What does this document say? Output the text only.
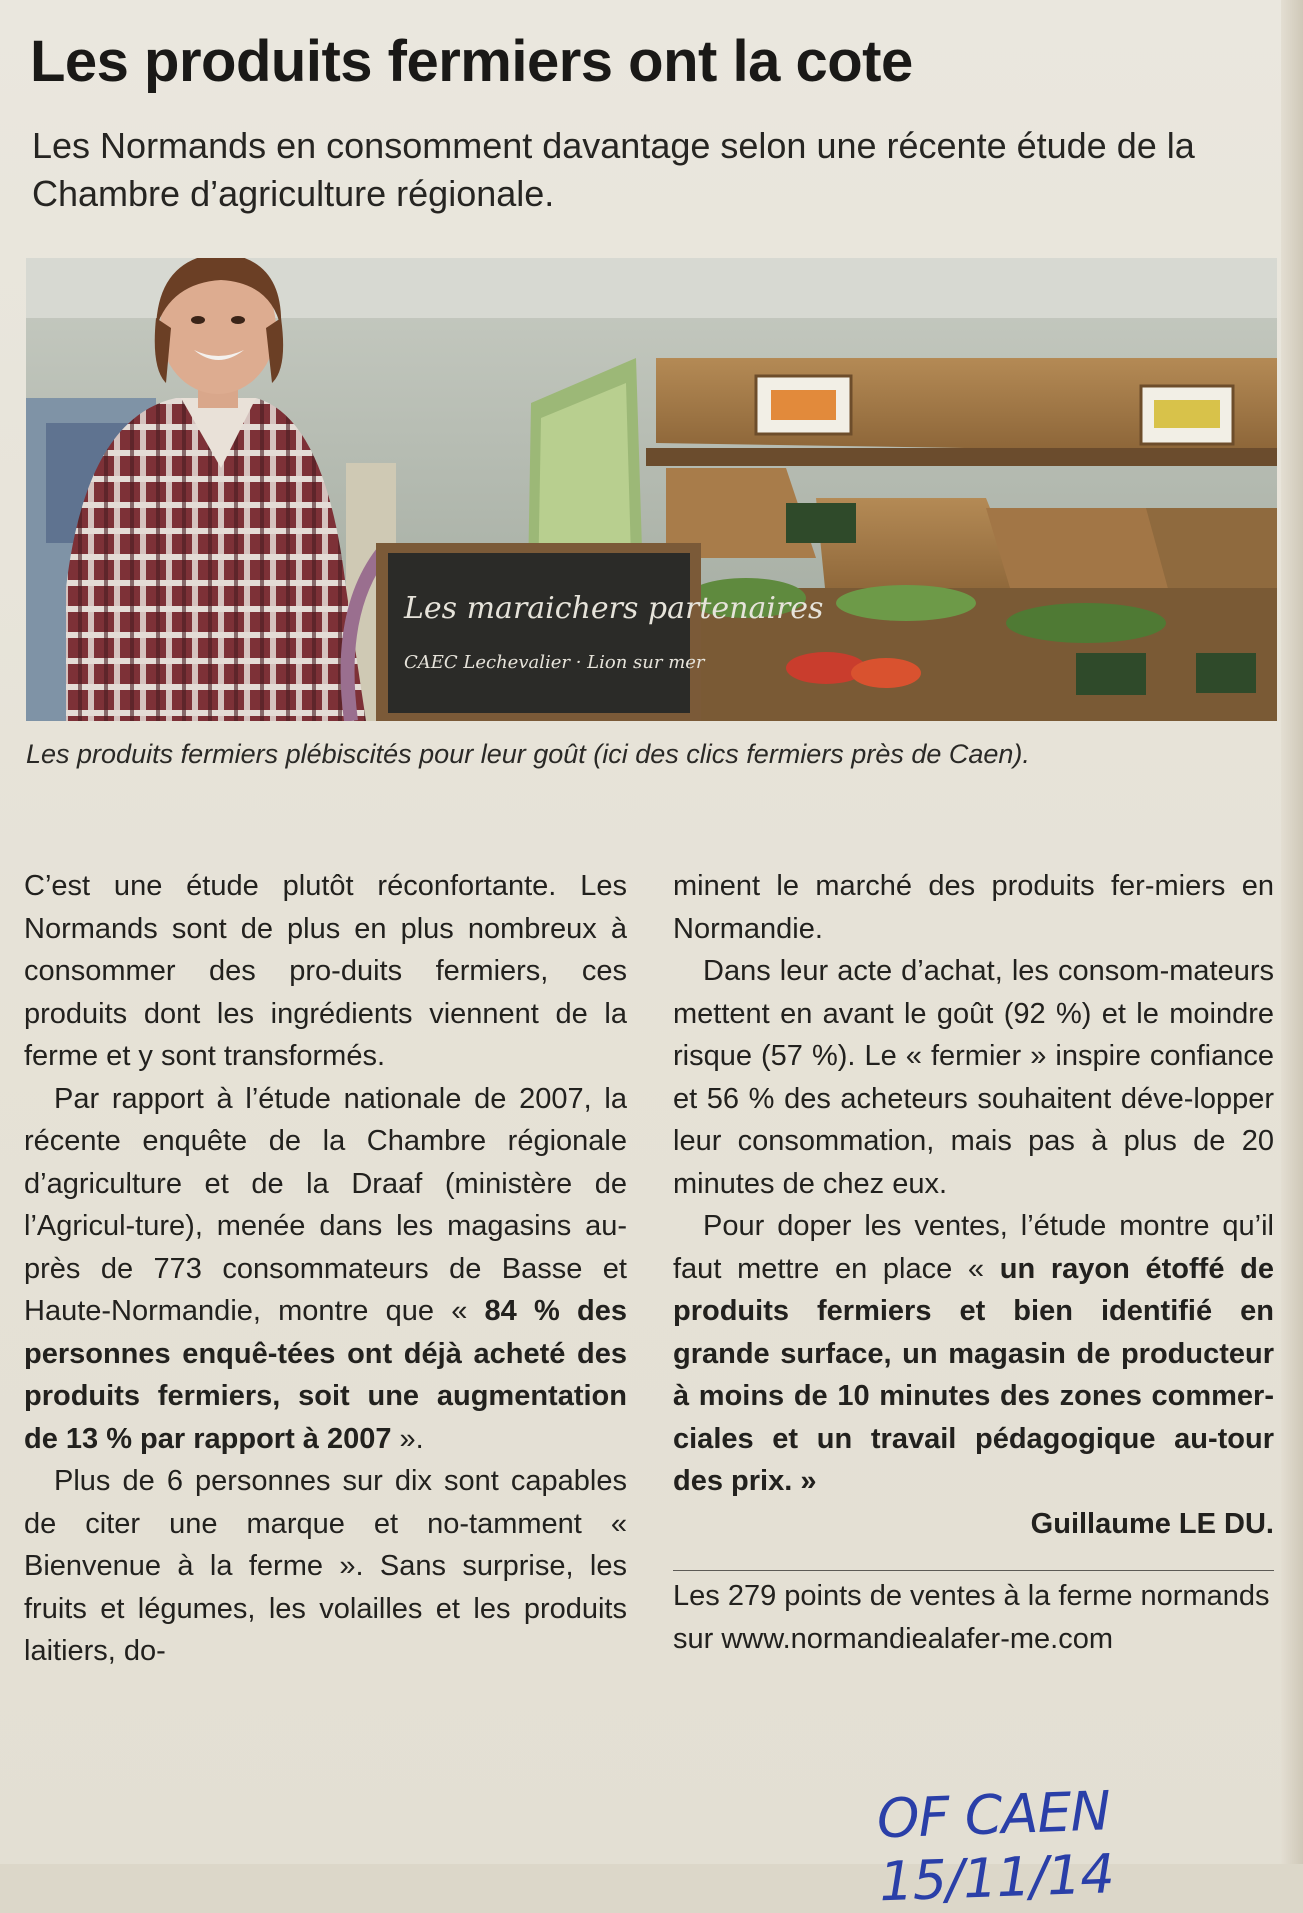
Les produits fermiers ont la cote

Les Normands en consomment davantage selon une récente étude de la Chambre d’agriculture régionale.

Les maraichers partenaires
CAEC Lechevalier · Lion sur mer

Les produits fermiers plébiscités pour leur goût (ici des clics fermiers près de Caen).

C’est une étude plutôt réconfortante. Les Normands sont de plus en plus nombreux à consommer des pro-duits fermiers, ces produits dont les ingrédients viennent de la ferme et y sont transformés.

Par rapport à l’étude nationale de 2007, la récente enquête de la Chambre régionale d’agriculture et de la Draaf (ministère de l’Agricul-ture), menée dans les magasins au-près de 773 consommateurs de Basse et Haute-Normandie, montre que « 84 % des personnes enquê-tées ont déjà acheté des produits fermiers, soit une augmentation de 13 % par rapport à 2007 ».

Plus de 6 personnes sur dix sont capables de citer une marque et no-tamment « Bienvenue à la ferme ». Sans surprise, les fruits et légumes, les volailles et les produits laitiers, do-

minent le marché des produits fer-miers en Normandie.

Dans leur acte d’achat, les consom-mateurs mettent en avant le goût (92 %) et le moindre risque (57 %). Le « fermier » inspire confiance et 56 % des acheteurs souhaitent déve-lopper leur consommation, mais pas à plus de 20 minutes de chez eux.

Pour doper les ventes, l’étude montre qu’il faut mettre en place « un rayon étoffé de produits fermiers et bien identifié en grande surface, un magasin de producteur à moins de 10 minutes des zones commer-ciales et un travail pédagogique au-tour des prix. »

Guillaume LE DU.

Les 279 points de ventes à la ferme normands sur www.normandiealafer-me.com

OF CAEN 15/11/14
